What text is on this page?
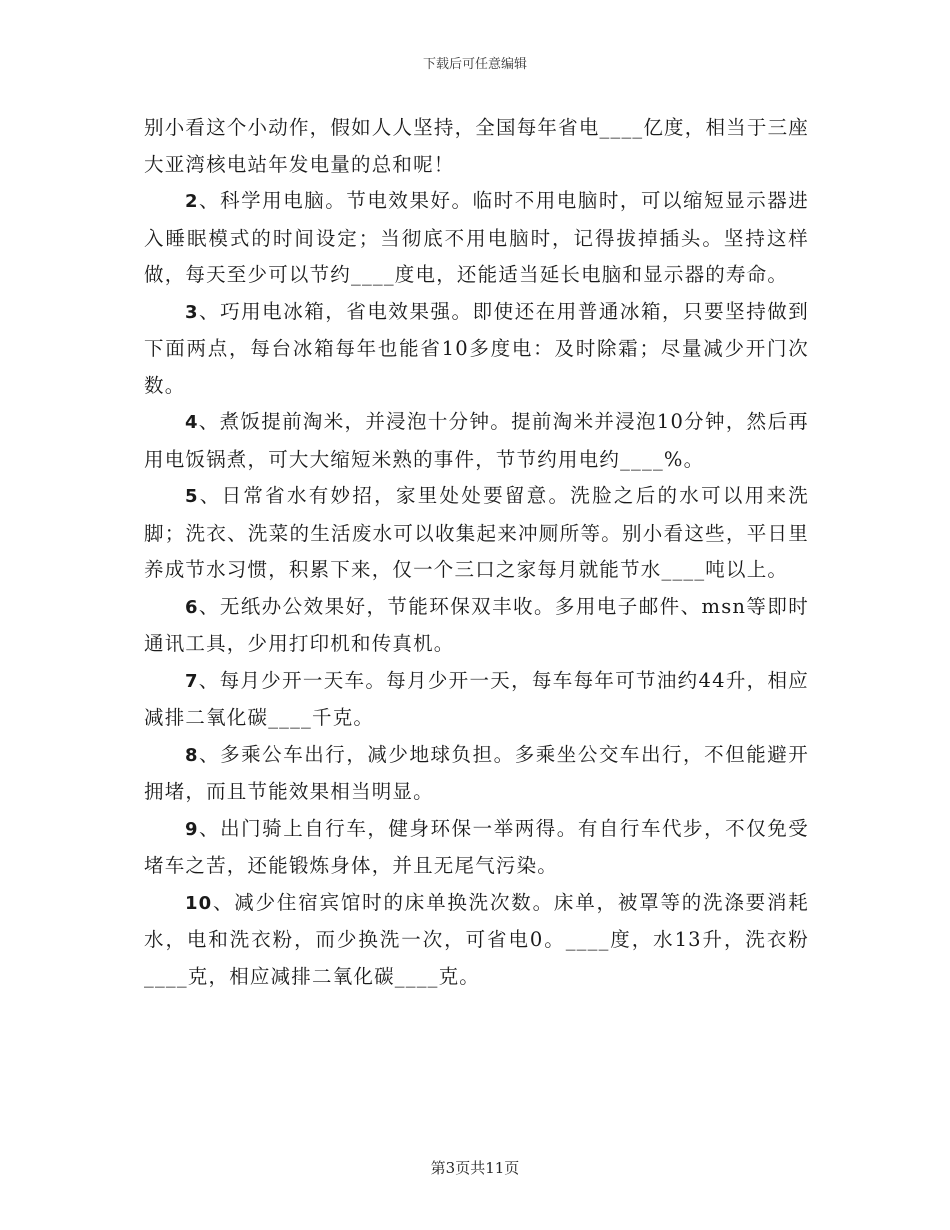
下载后可任意编辑

别小看这个小动作，假如人人坚持，全国每年省电____亿度，相当于三座大亚湾核电站年发电量的总和呢！

2、科学用电脑。节电效果好。临时不用电脑时，可以缩短显示器进入睡眠模式的时间设定；当彻底不用电脑时，记得拔掉插头。坚持这样做，每天至少可以节约____度电，还能适当延长电脑和显示器的寿命。

3、巧用电冰箱，省电效果强。即使还在用普通冰箱，只要坚持做到下面两点，每台冰箱每年也能省10多度电：及时除霜；尽量减少开门次数。

4、煮饭提前淘米，并浸泡十分钟。提前淘米并浸泡10分钟，然后再用电饭锅煮，可大大缩短米熟的事件，节节约用电约____%。

5、日常省水有妙招，家里处处要留意。洗脸之后的水可以用来洗脚；洗衣、洗菜的生活废水可以收集起来冲厕所等。别小看这些，平日里养成节水习惯，积累下来，仅一个三口之家每月就能节水____吨以上。

6、无纸办公效果好，节能环保双丰收。多用电子邮件、msn等即时通讯工具，少用打印机和传真机。

7、每月少开一天车。每月少开一天，每车每年可节油约44升，相应减排二氧化碳____千克。

8、多乘公车出行，减少地球负担。多乘坐公交车出行，不但能避开拥堵，而且节能效果相当明显。

9、出门骑上自行车，健身环保一举两得。有自行车代步，不仅免受堵车之苦，还能锻炼身体，并且无尾气污染。

10、减少住宿宾馆时的床单换洗次数。床单，被罩等的洗涤要消耗水，电和洗衣粉，而少换洗一次，可省电0。____度，水13升，洗衣粉____克，相应减排二氧化碳____克。

第3页共11页
